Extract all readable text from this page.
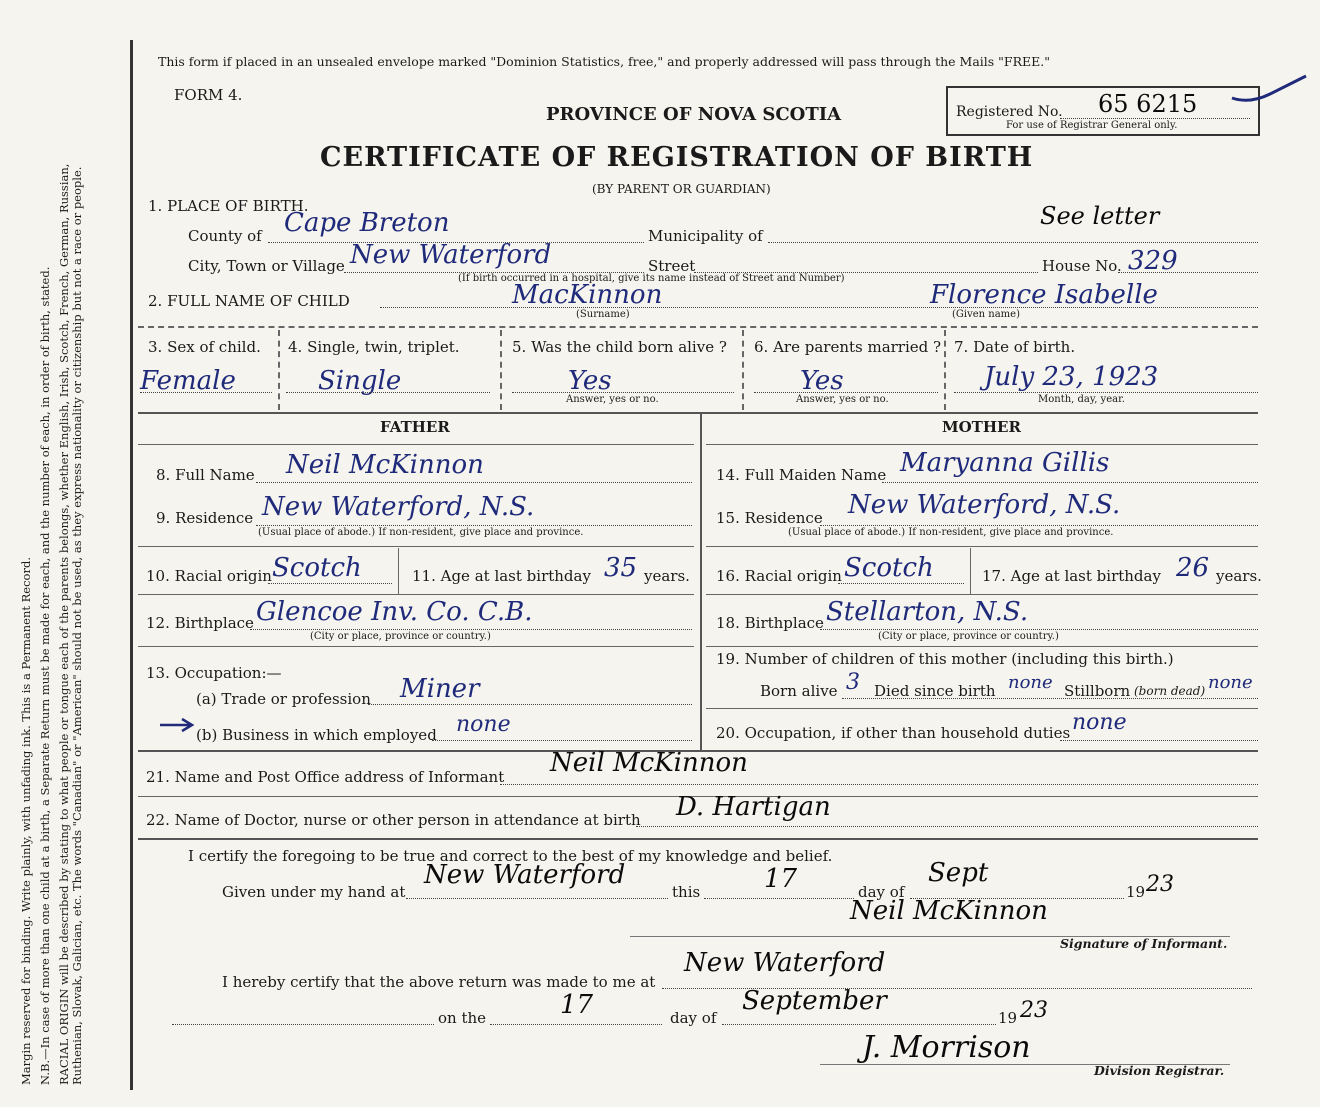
Margin reserved for binding. Write plainly, with unfading ink. This is a Permanent Record. N.B.—In case of more than one child at a birth, a Separate Return must be made for each, and the number of each, in order of birth, stated. RACIAL ORIGIN will be described by stating to what people or tongue each of the parents belongs, whether English, Irish, Scotch, French, German, Russian, Ruthenian, Slovak, Galician, etc. The words "Canadian" or "American" should not be used, as they express nationality or citizenship but not a race or people.
This form if placed in an unsealed envelope marked "Dominion Statistics, free," and properly addressed will pass through the Mails "FREE."
FORM 4.
PROVINCE OF NOVA SCOTIA	Registered No. 65 6215
For use of Registrar General only.
CERTIFICATE OF REGISTRATION OF BIRTH
(BY PARENT OR GUARDIAN)
1. PLACE OF BIRTH.
County of Cape Breton	Municipality of
See letter
City, Town or Village New Waterford	Street	House No. 329
(If birth occurred in a hospital, give its name instead of Street and Number)
2. FULL NAME OF CHILD	MacKinnon
(Surname)
Florence Isabelle
(Given name)
3. Sex of child.
Female
4. Single, twin, triplet.
Single
5. Was the child born alive ?
Yes
Answer, yes or no.
6. Are parents married ?
Yes
Answer, yes or no.
7. Date of birth.
July 23, 1923
Month, day, year.
FATHER	MOTHER
8. Full Name Neil McKinnon
9. Residence New Waterford, N.S.
(Usual place of abode.) If non-resident, give place and province.
10. Racial origin Scotch	11. Age at last birthday 35 years.
12. Birthplace Glencoe Inv. Co. C.B.
(City or place, province or country.)
13. Occupation:—
(a) Trade or profession Miner
(b) Business in which employed none
14. Full Maiden Name Maryanna Gillis
15. Residence New Waterford, N.S.
(Usual place of abode.) If non-resident, give place and province.
16. Racial origin Scotch	17. Age at last birthday 26 years.
18. Birthplace Stellarton, N.S.
(City or place, province or country.)
19. Number of children of this mother (including this birth.)
Born alive 3 Died since birth none Stillborn (born dead) none
20. Occupation, if other than household duties none
21. Name and Post Office address of Informant Neil McKinnon
22. Name of Doctor, nurse or other person in attendance at birth D. Hartigan
I certify the foregoing to be true and correct to the best of my knowledge and belief.
Given under my hand at
New Waterford
this 17	day of
Sept
19 23
Neil McKinnon
Signature of Informant.
I hereby certify that the above return was made to me at
New Waterford
on the	17	day of
September
19 23
J. Morrison
Division Registrar.
